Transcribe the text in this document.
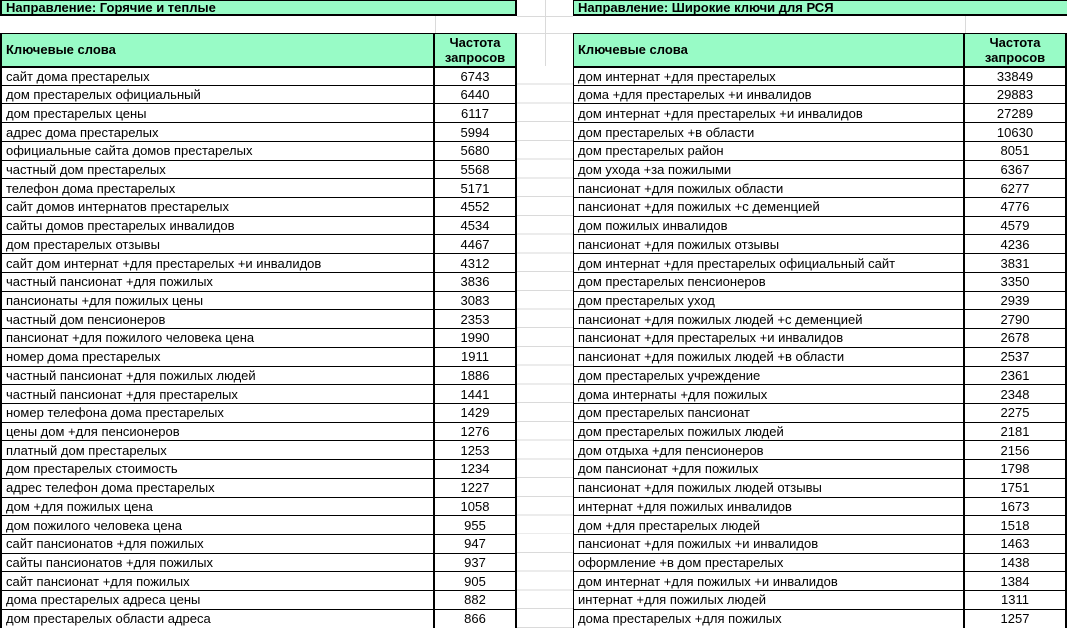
Направление: Горячие и теплые
Ключевые слова	Частота запросов
сайт дома престарелых	6743
дом престарелых официальный	6440
дом престарелых цены	6117
адрес дома престарелых	5994
официальные сайта домов престарелых	5680
частный дом престарелых	5568
телефон дома престарелых	5171
сайт домов интернатов престарелых	4552
сайты домов престарелых инвалидов	4534
дом престарелых отзывы	4467
сайт дом интернат +для престарелых +и инвалидов	4312
частный пансионат +для пожилых	3836
пансионаты +для пожилых цены	3083
частный дом пенсионеров	2353
пансионат +для пожилого человека цена	1990
номер дома престарелых	1911
частный пансионат +для пожилых людей	1886
частный пансионат +для престарелых	1441
номер телефона дома престарелых	1429
цены дом +для пенсионеров	1276
платный дом престарелых	1253
дом престарелых стоимость	1234
адрес телефон дома престарелых	1227
дом +для пожилых цена	1058
дом пожилого человека цена	955
сайт пансионатов +для пожилых	947
сайты пансионатов +для пожилых	937
сайт пансионат +для пожилых	905
дома престарелых адреса цены	882
дом престарелых области адреса	866
Направление: Широкие ключи для РСЯ
Ключевые слова	Частота запросов
дом интернат +для престарелых	33849
дома +для престарелых +и инвалидов	29883
дом интернат +для престарелых +и инвалидов	27289
дом престарелых +в области	10630
дом престарелых район	8051
дом ухода +за пожилыми	6367
пансионат +для пожилых области	6277
пансионат +для пожилых +с деменцией	4776
дом пожилых инвалидов	4579
пансионат +для пожилых отзывы	4236
дом интернат +для престарелых официальный сайт	3831
дом престарелых пенсионеров	3350
дом престарелых уход	2939
пансионат +для пожилых людей +с деменцией	2790
пансионат +для престарелых +и инвалидов	2678
пансионат +для пожилых людей +в области	2537
дом престарелых учреждение	2361
дома интернаты +для пожилых	2348
дом престарелых пансионат	2275
дом престарелых пожилых людей	2181
дом отдыха +для пенсионеров	2156
дом пансионат +для пожилых	1798
пансионат +для пожилых людей отзывы	1751
интернат +для пожилых инвалидов	1673
дом +для престарелых людей	1518
пансионат +для пожилых +и инвалидов	1463
оформление +в дом престарелых	1438
дом интернат +для пожилых +и инвалидов	1384
интернат +для пожилых людей	1311
дома престарелых +для пожилых	1257
